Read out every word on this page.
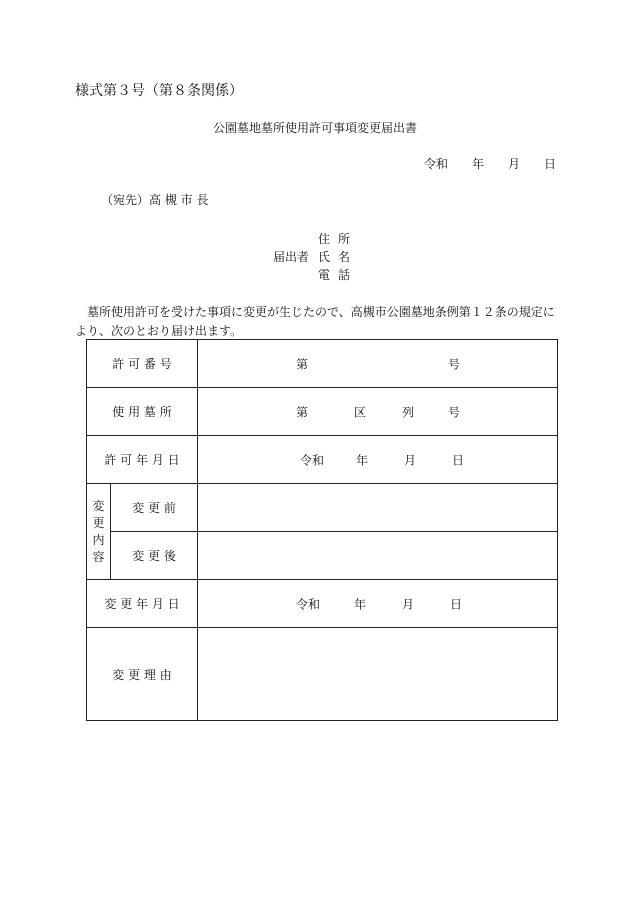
様式第３号（第８条関係）
公園墓地墓所使用許可事項変更届出書
令和 年 月 日
（宛先）高 槻 市 長
住所
届出者 氏名
電話
墓所使用許可を受けた事項に変更が生じたので、高槻市公園墓地条例第１２条の規定により、次のとおり届け出ます。
許 可 番 号		第 号

使 用 墓 所		第 区 列 号

許 可 年 月 日		令和 年 月 日

変
更
内
容	変 更 前	
	変 更 後	
変 更 年 月 日		令和 年 月 日

変 更 理 由		
